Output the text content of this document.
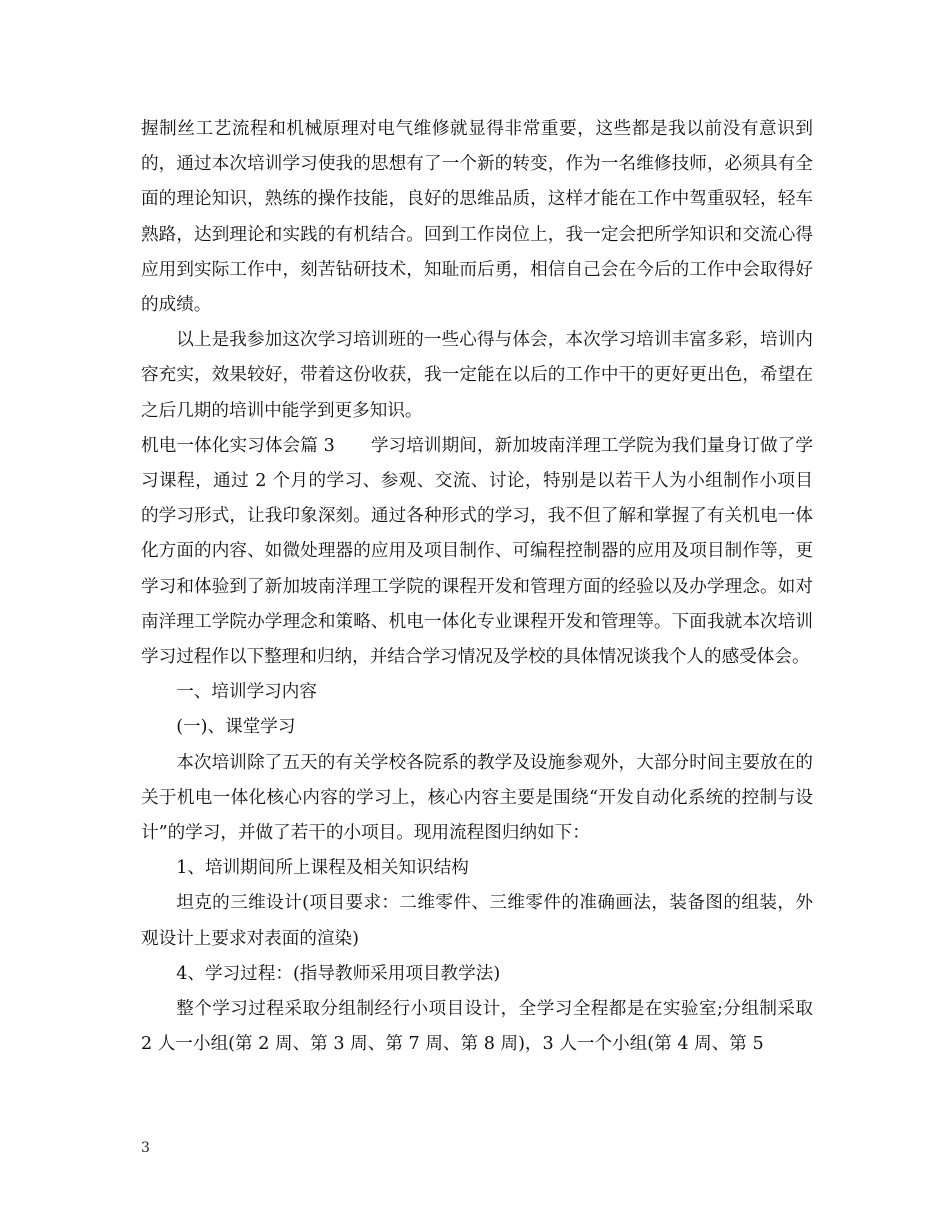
握制丝工艺流程和机械原理对电气维修就显得非常重要，这些都是我以前没有意识到的，通过本次培训学习使我的思想有了一个新的转变，作为一名维修技师，必须具有全面的理论知识，熟练的操作技能，良好的思维品质，这样才能在工作中驾重驭轻，轻车熟路，达到理论和实践的有机结合。回到工作岗位上，我一定会把所学知识和交流心得应用到实际工作中，刻苦钻研技术，知耻而后勇，相信自己会在今后的工作中会取得好的成绩。

以上是我参加这次学习培训班的一些心得与体会，本次学习培训丰富多彩，培训内容充实，效果较好，带着这份收获，我一定能在以后的工作中干的更好更出色，希望在之后几期的培训中能学到更多知识。

机电一体化实习体会篇 3 学习培训期间，新加坡南洋理工学院为我们量身订做了学习课程，通过 2 个月的学习、参观、交流、讨论，特别是以若干人为小组制作小项目的学习形式，让我印象深刻。通过各种形式的学习，我不但了解和掌握了有关机电一体化方面的内容、如微处理器的应用及项目制作、可编程控制器的应用及项目制作等，更学习和体验到了新加坡南洋理工学院的课程开发和管理方面的经验以及办学理念。如对南洋理工学院办学理念和策略、机电一体化专业课程开发和管理等。下面我就本次培训学习过程作以下整理和归纳，并结合学习情况及学校的具体情况谈我个人的感受体会。

一、培训学习内容

(一)、课堂学习

本次培训除了五天的有关学校各院系的教学及设施参观外，大部分时间主要放在的关于机电一体化核心内容的学习上，核心内容主要是围绕“开发自动化系统的控制与设计”的学习，并做了若干的小项目。现用流程图归纳如下：

1、培训期间所上课程及相关知识结构

坦克的三维设计(项目要求：二维零件、三维零件的准确画法，装备图的组装，外观设计上要求对表面的渲染)

4、学习过程：(指导教师采用项目教学法)

整个学习过程采取分组制经行小项目设计，全学习全程都是在实验室;分组制采取 2 人一小组(第 2 周、第 3 周、第 7 周、第 8 周)，3 人一个小组(第 4 周、第 5

3
